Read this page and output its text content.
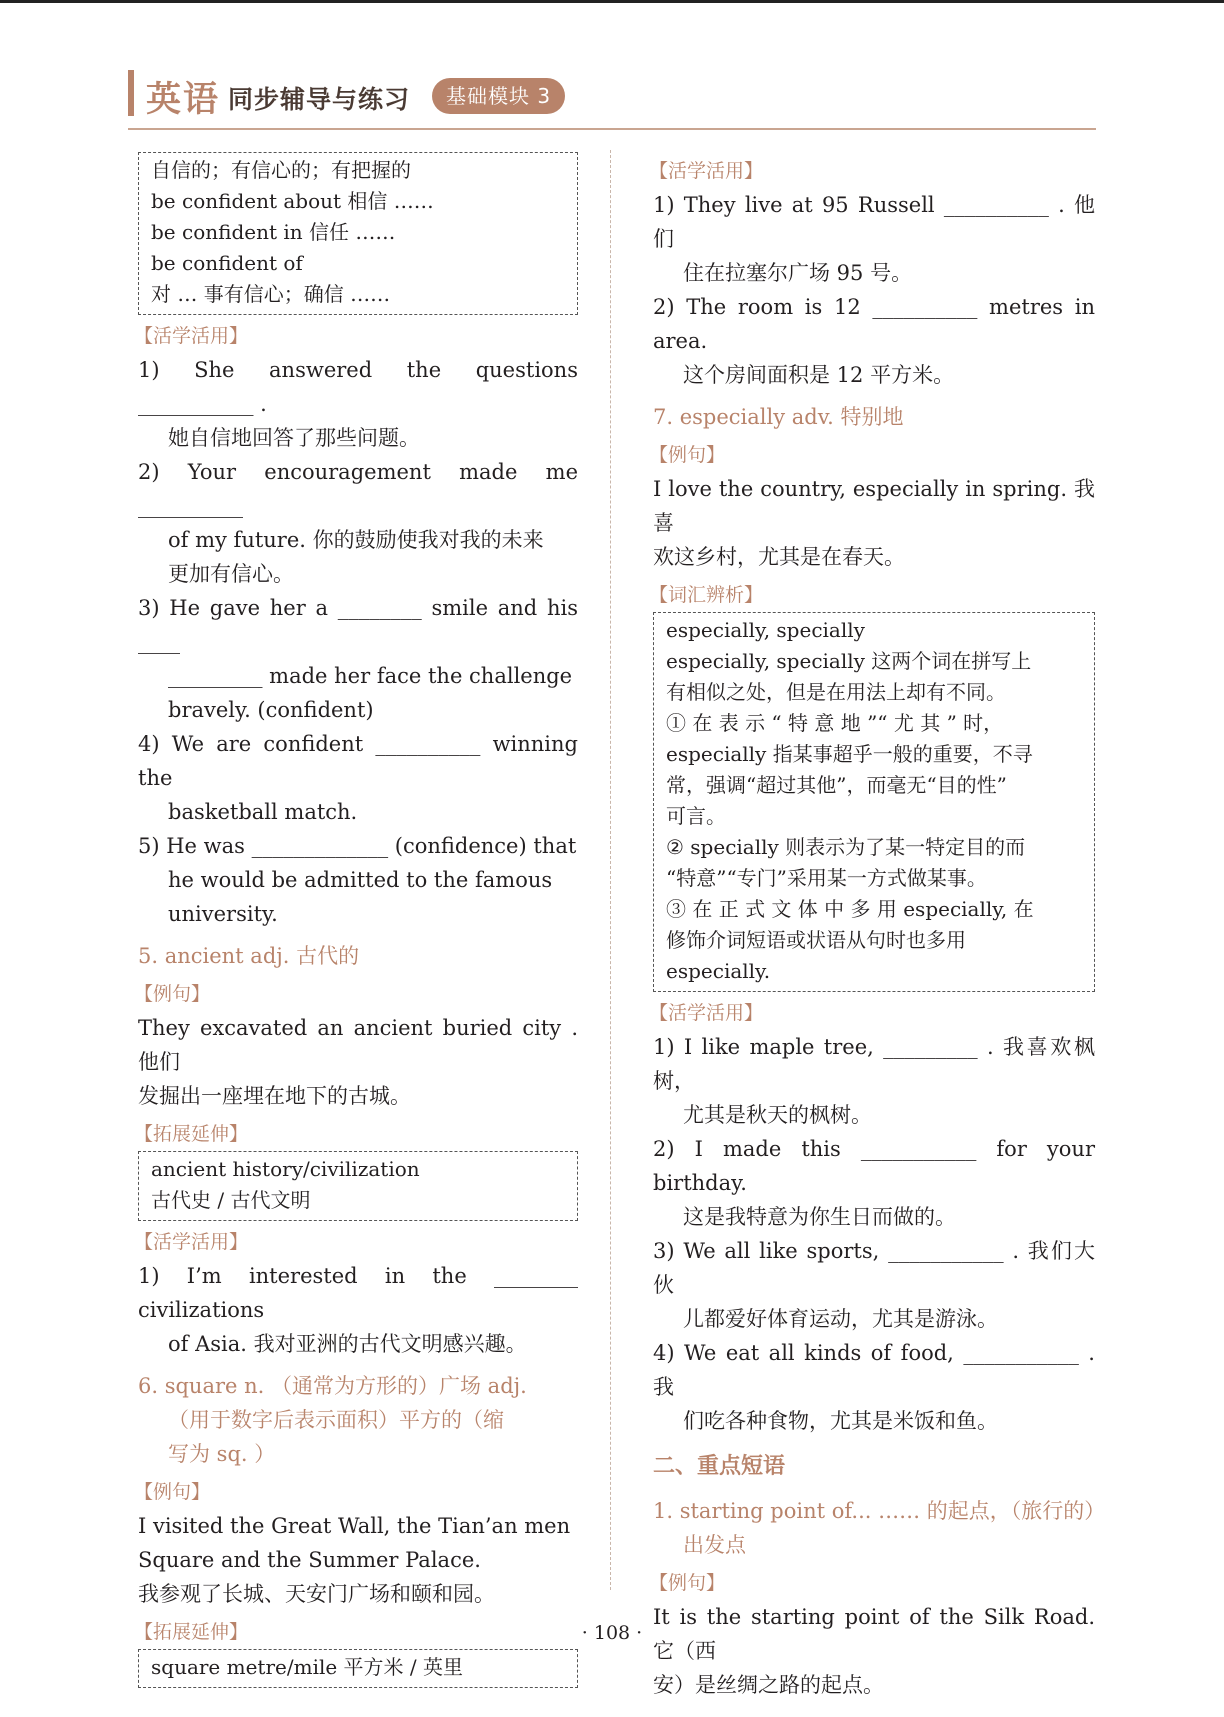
英语 同步辅导与练习	基础模块 3

自信的；有信心的；有把握的

be confident about 相信 ……

be confident in 信任 ……

be confident of

对 … 事有信心；确信 ……

【活学活用】

1) She answered the questions ___________ .

她自信地回答了那些问题。

2) Your encouragement made me __________

of my future. 你的鼓励使我对我的未来

更加有信心。

3) He gave her a ________ smile and his ____

_________ made her face the challenge

bravely. (confident)

4) We are confident __________ winning the

basketball match.

5) He was _____________ (confidence) that

he would be admitted to the famous

university.

5. ancient adj. 古代的
【例句】

They excavated an ancient buried city . 他们

发掘出一座埋在地下的古城。

【拓展延伸】

ancient history/civilization

古代史 / 古代文明

【活学活用】

1) I’m interested in the ________ civilizations

of Asia. 我对亚洲的古代文明感兴趣。

6. square n. （通常为方形的）广场 adj.
（用于数字后表示面积）平方的（缩
写为 sq. ）
【例句】

I visited the Great Wall, the Tian’an men

Square and the Summer Palace.

我参观了长城、天安门广场和颐和园。

【拓展延伸】

square metre/mile 平方米 / 英里

【活学活用】

1) They live at 95 Russell __________ . 他们

住在拉塞尔广场 95 号。

2) The room is 12 __________ metres in area.

这个房间面积是 12 平方米。

7. especially adv. 特别地
【例句】

I love the country, especially in spring. 我喜

欢这乡村，尤其是在春天。

【词汇辨析】

especially, specially

especially, specially 这两个词在拼写上

有相似之处，但是在用法上却有不同。

① 在 表 示 “ 特 意 地 ”“ 尤 其 ” 时，

especially 指某事超乎一般的重要，不寻

常，强调“超过其他”，而毫无“目的性”

可言。

② specially 则表示为了某一特定目的而

“特意”“专门”采用某一方式做某事。

③ 在 正 式 文 体 中 多 用 especially, 在

修饰介词短语或状语从句时也多用

especially.

【活学活用】

1) I like maple tree, _________ . 我喜欢枫树，

尤其是秋天的枫树。

2) I made this ___________ for your birthday.

这是我特意为你生日而做的。

3) We all like sports, ___________ . 我们大伙

儿都爱好体育运动，尤其是游泳。

4) We eat all kinds of food, ___________ . 我

们吃各种食物，尤其是米饭和鱼。

二、重点短语
1. starting point of... …… 的起点，（旅行的）
出发点
【例句】

It is the starting point of the Silk Road. 它（西

安）是丝绸之路的起点。

· 108 ·
